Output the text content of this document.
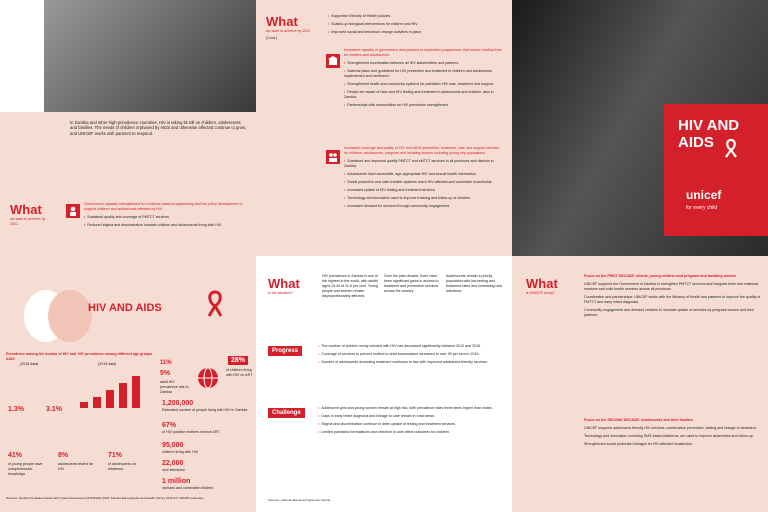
In Zambia and other high-prevalence countries, HIV is taking its toll on children, adolescents and families. The needs of children orphaned by AIDS and otherwise affected continue to grow, and UNICEF works with partners to respond.

What
we want to achieve by 2021

Government capacity strengthened for evidence-based programming and the policy development to support children and adolescents affected by HIV.

• Sustained quality and coverage of PMTCT services.
• Reduced stigma and discrimination towards children and adolescents living with HIV.
What
we want to achieve by 2021
(Cont.)
• Supportive Ministry of Health policies.
• Scaled-up biological interventions for children and HIV.
• Improved social and behaviour change activities in place.

Increased capacity of government and partners to implement programmes that ensure healthy lives for children and adolescents.

• Strengthened coordination between all HIV stakeholders and partners.
• National plans and guidelines for HIV prevention and treatment in children and adolescents implemented and monitored.
• Strengthened health and community systems for paediatric HIV care, treatment and support.
• People are aware of risks and HIV testing and treatment in adolescents and children, also in Zambia.
• Partnerships with communities for HIV prevention strengthened.

Increased coverage and quality of HIV and AIDS prevention, treatment, care and support services for children, adolescents, pregnant and lactating women including young key populations.

• Sustained and improved quality PMTCT and eMTCT services in all provinces and districts in Zambia.
• Adolescents have accessible, age-appropriate HIV and sexual health information.
• Social protection and cash transfer systems reach HIV-affected and vulnerable households.
• Increased uptake of HIV testing and treatment services.
• Technology and innovation used to improve tracking and follow-up of children.
• Increased demand for services through community engagement.
HIV AND
AIDS
unicef
for every child
HIV AND AIDS
Prevalence among the burden of HIV and AIDS
(2016 data)
1.3%	3.1%
HIV prevalence among different age groups
(2016 data)	11%
5%
adult HIV prevalence rate in Zambia
28%
of children living with HIV on ART
1,200,000
Estimated number of people living with HIV in Zambia
67%
of HIV positive mothers receive ART
95,000
children living with HIV
22,000
new infections
1 million
orphans and vulnerable children
41%
of young people have comprehensive knowledge
8%
adolescents tested for HIV
71%
of adolescents on treatment
Sources: Zambia Population-based HIV Impact Assessment (ZAMPHIA) 2016; Zambia Demographic and Health Survey 2013-14; UNAIDS estimates.
What
is the situation?

HIV prevalence in Zambia is one of the highest in the world, with adults aged 15-49 at 11.6 per cent. Young people and women remain disproportionately affected.

Over the past decade, there have been significant gains in access to treatment and prevention services across the country.

Adolescents remain a priority population with low testing and treatment rates and increasing new infections.

Progress
• The number of children newly infected with HIV has decreased significantly between 2010 and 2016.
• Coverage of services to prevent mother-to-child transmission increased to over 90 per cent in 2016.
• Number of adolescents accessing treatment continues to rise with improved adolescent-friendly services.
Challenge
• Adolescent girls and young women remain at high risk, with prevalence rates three times higher than males.
• Gaps in early infant diagnosis and linkage to care remain in rural areas.
• Stigma and discrimination continue to deter uptake of testing and treatment services.
• Limited paediatric formulations and retention in care affect outcomes for children.
Sources: national data and programme reports.
What
is UNICEF doing?

Focus on the FIRST DECADE: Infants, young children and pregnant and lactating women

UNICEF supports the Government of Zambia to strengthen PMTCT services and integrate them into maternal, newborn and child health services across all provinces.

Coordination and partnerships: UNICEF works with the Ministry of Health and partners to improve the quality of PMTCT and early infant diagnosis.

Community engagement and demand creation to increase uptake of services by pregnant women and their partners.

Focus on the SECOND DECADE: Adolescents and their families

UNICEF supports adolescent-friendly HIV services, combination prevention, testing and linkage to treatment.

Technology and innovation, including SMS-based platforms, are used to improve awareness and follow-up.

Strengthened social protection linkages for HIV-affected households.
